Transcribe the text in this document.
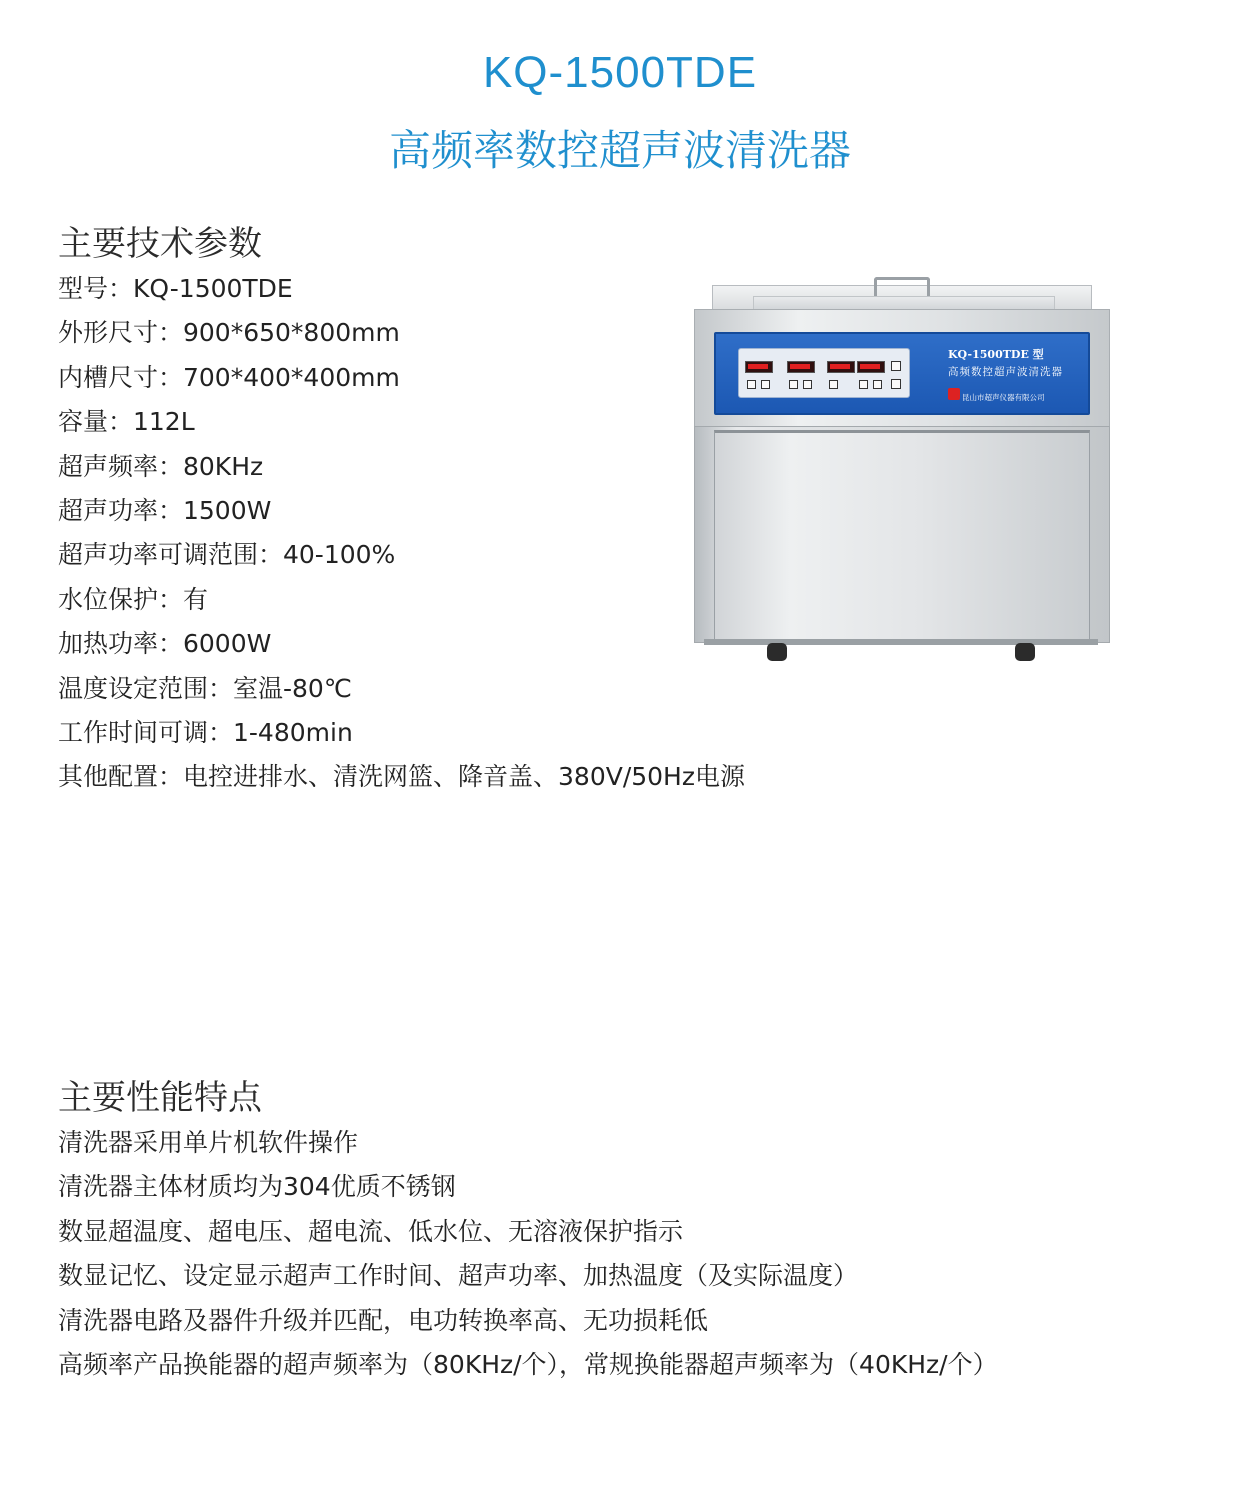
KQ-1500TDE
高频率数控超声波清洗器
主要技术参数
型号：KQ-1500TDE
外形尺寸：900*650*800mm
内槽尺寸：700*400*400mm
容量：112L
超声频率：80KHz
超声功率：1500W
超声功率可调范围：40-100%
水位保护：有
加热功率：6000W
温度设定范围：室温-80℃
工作时间可调：1-480min
其他配置：电控进排水、清洗网篮、降音盖、380V/50Hz电源
KQ-1500TDE 型
高频数控超声波清洗器
昆山市超声仪器有限公司
主要性能特点
清洗器采用单片机软件操作
清洗器主体材质均为304优质不锈钢
数显超温度、超电压、超电流、低水位、无溶液保护指示
数显记忆、设定显示超声工作时间、超声功率、加热温度（及实际温度）
清洗器电路及器件升级并匹配，电功转换率高、无功损耗低
高频率产品换能器的超声频率为（80KHz/个），常规换能器超声频率为（40KHz/个）
